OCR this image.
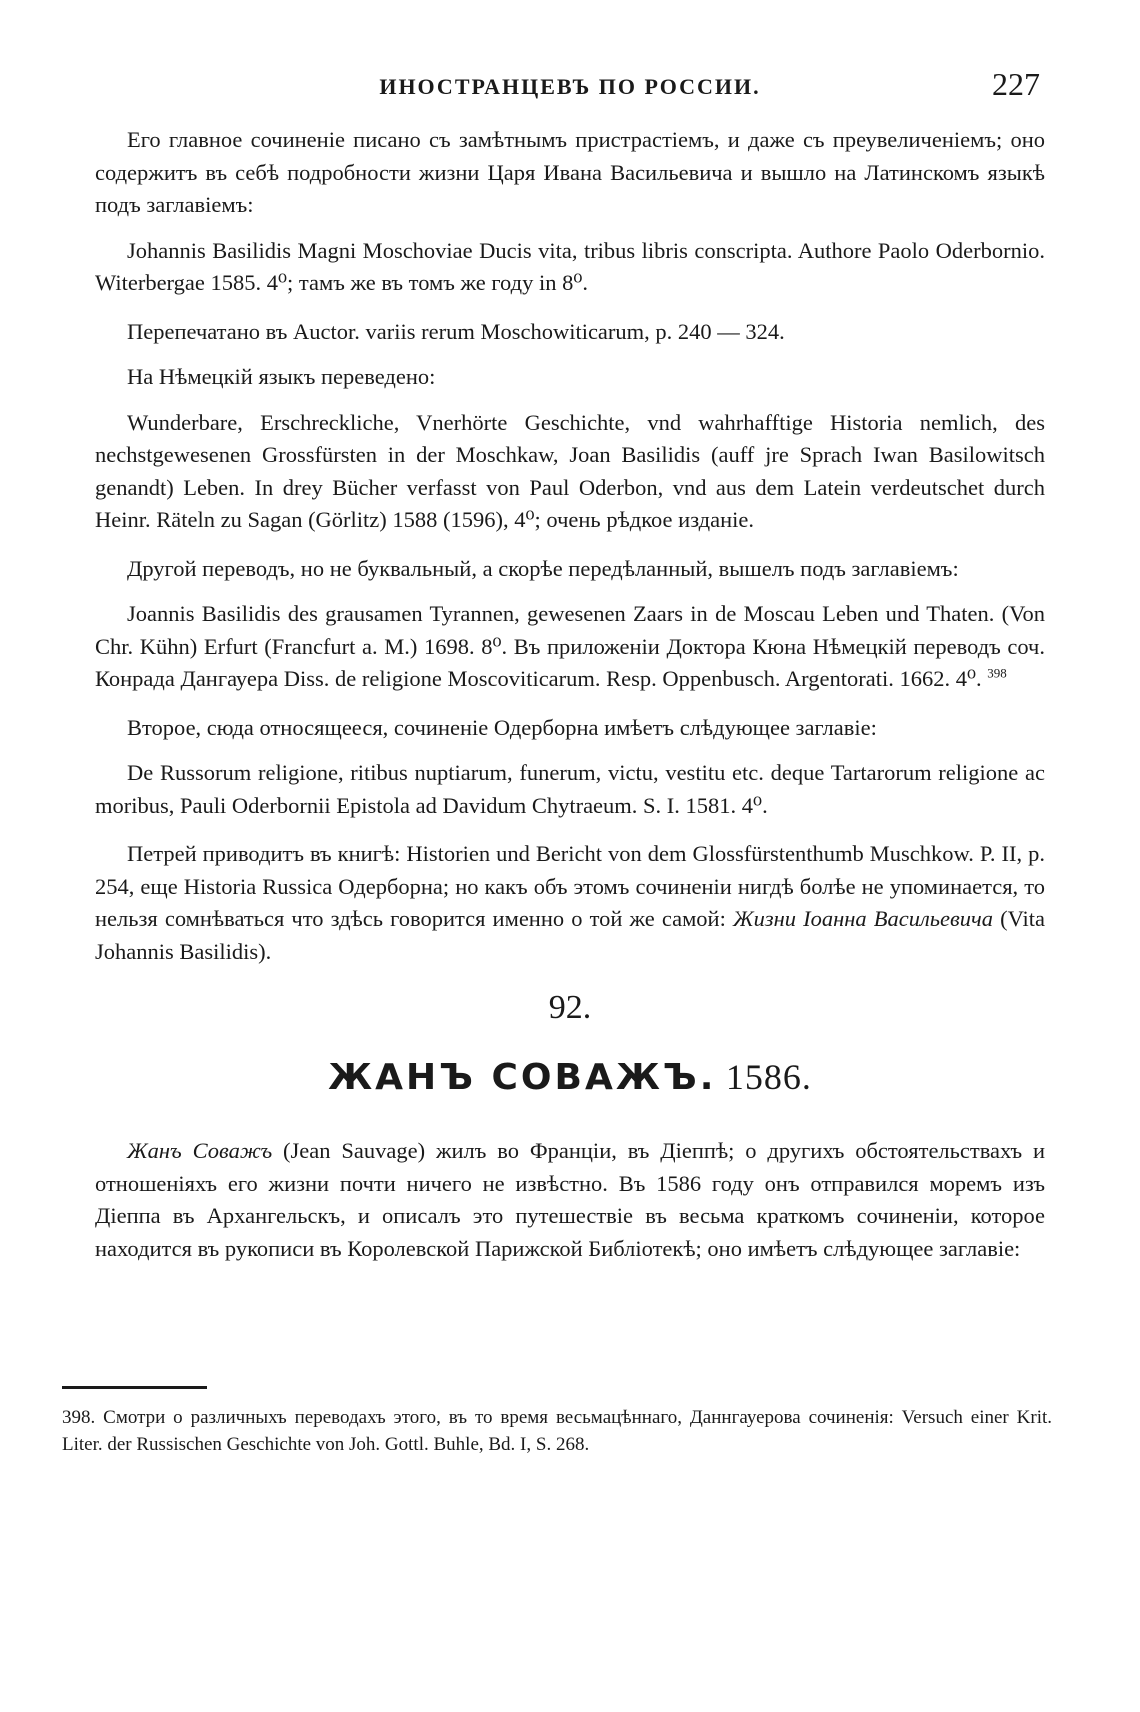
ИНОСТРАНЦЕВЪ ПО РОССИИ.	227

Его главное сочиненіе писано съ замѣтнымъ пристрастіемъ, и даже съ преувеличеніемъ; оно содержитъ въ себѣ подробности жизни Царя Ивана Васильевича и вышло на Латинскомъ языкѣ подъ заглавіемъ:

Johannis Basilidis Magni Moschoviae Ducis vita, tribus libris conscripta. Authore Paolo Oderbornio. Witerbergae 1585. 4⁰; тамъ же въ томъ же году in 8⁰.

Перепечатано въ Auctor. variis rerum Moschowiticarum, p. 240 — 324.

На Нѣмецкій языкъ переведено:

Wunderbare, Erschreckliche, Vnerhörte Geschichte, vnd wahrhafftige Historia nemlich, des nechstgewesenen Grossfürsten in der Moschkaw, Joan Basilidis (auff jre Sprach Iwan Basilowitsch genandt) Leben. In drey Bücher verfasst von Paul Oderbon, vnd aus dem Latein verdeutschet durch Heinr. Räteln zu Sagan (Görlitz) 1588 (1596), 4⁰; очень рѣдкое изданіе.

Другой переводъ, но не буквальный, а скорѣе передѣланный, вышелъ подъ заглавіемъ:

Joannis Basilidis des grausamen Tyrannen, gewesenen Zaars in de Moscau Leben und Thaten. (Von Chr. Kühn) Erfurt (Francfurt a. M.) 1698. 8⁰. Въ приложеніи Доктора Кюна Нѣмецкій переводъ соч. Конрада Дангауера Diss. de religione Moscoviticarum. Resp. Oppenbusch. Argentorati. 1662. 4⁰. $^{398}$

Второе, сюда относящееся, сочиненіе Одерборна имѣетъ слѣдующее заглавіе:

De Russorum religione, ritibus nuptiarum, funerum, victu, vestitu etc. deque Tartarorum religione ac moribus, Pauli Oderbornii Epistola ad Davidum Chytraeum. S. I. 1581. 4⁰.

Петрей приводитъ въ книгѣ: Historien und Bericht von dem Glossfürstenthumb Muschkow. P. II, p. 254, еще Historia Russica Одерборна; но какъ объ этомъ сочиненіи нигдѣ болѣе не упоминается, то нельзя сомнѣваться что здѣсь говорится именно о той же самой: Жизни Іоанна Васильевича (Vita Johannis Basilidis).

92.

ЖАНЪ СОВАЖЪ. 1586.

Жанъ Соважъ (Jean Sauvage) жилъ во Франціи, въ Діеппѣ; о другихъ обстоятельствахъ и отношеніяхъ его жизни почти ничего не извѣстно. Въ 1586 году онъ отправился моремъ изъ Діеппа въ Архангельскъ, и описалъ это путешествіе въ весьма краткомъ сочиненіи, которое находится въ рукописи въ Королевской Парижской Библіотекѣ; оно имѣетъ слѣдующее заглавіе:

398. Смотри о различныхъ переводахъ этого, въ то время весьмацѣннаго, Даннгауерова сочиненія: Versuch einer Krit. Liter. der Russischen Geschichte von Joh. Gottl. Buhle, Bd. I, S. 268.
